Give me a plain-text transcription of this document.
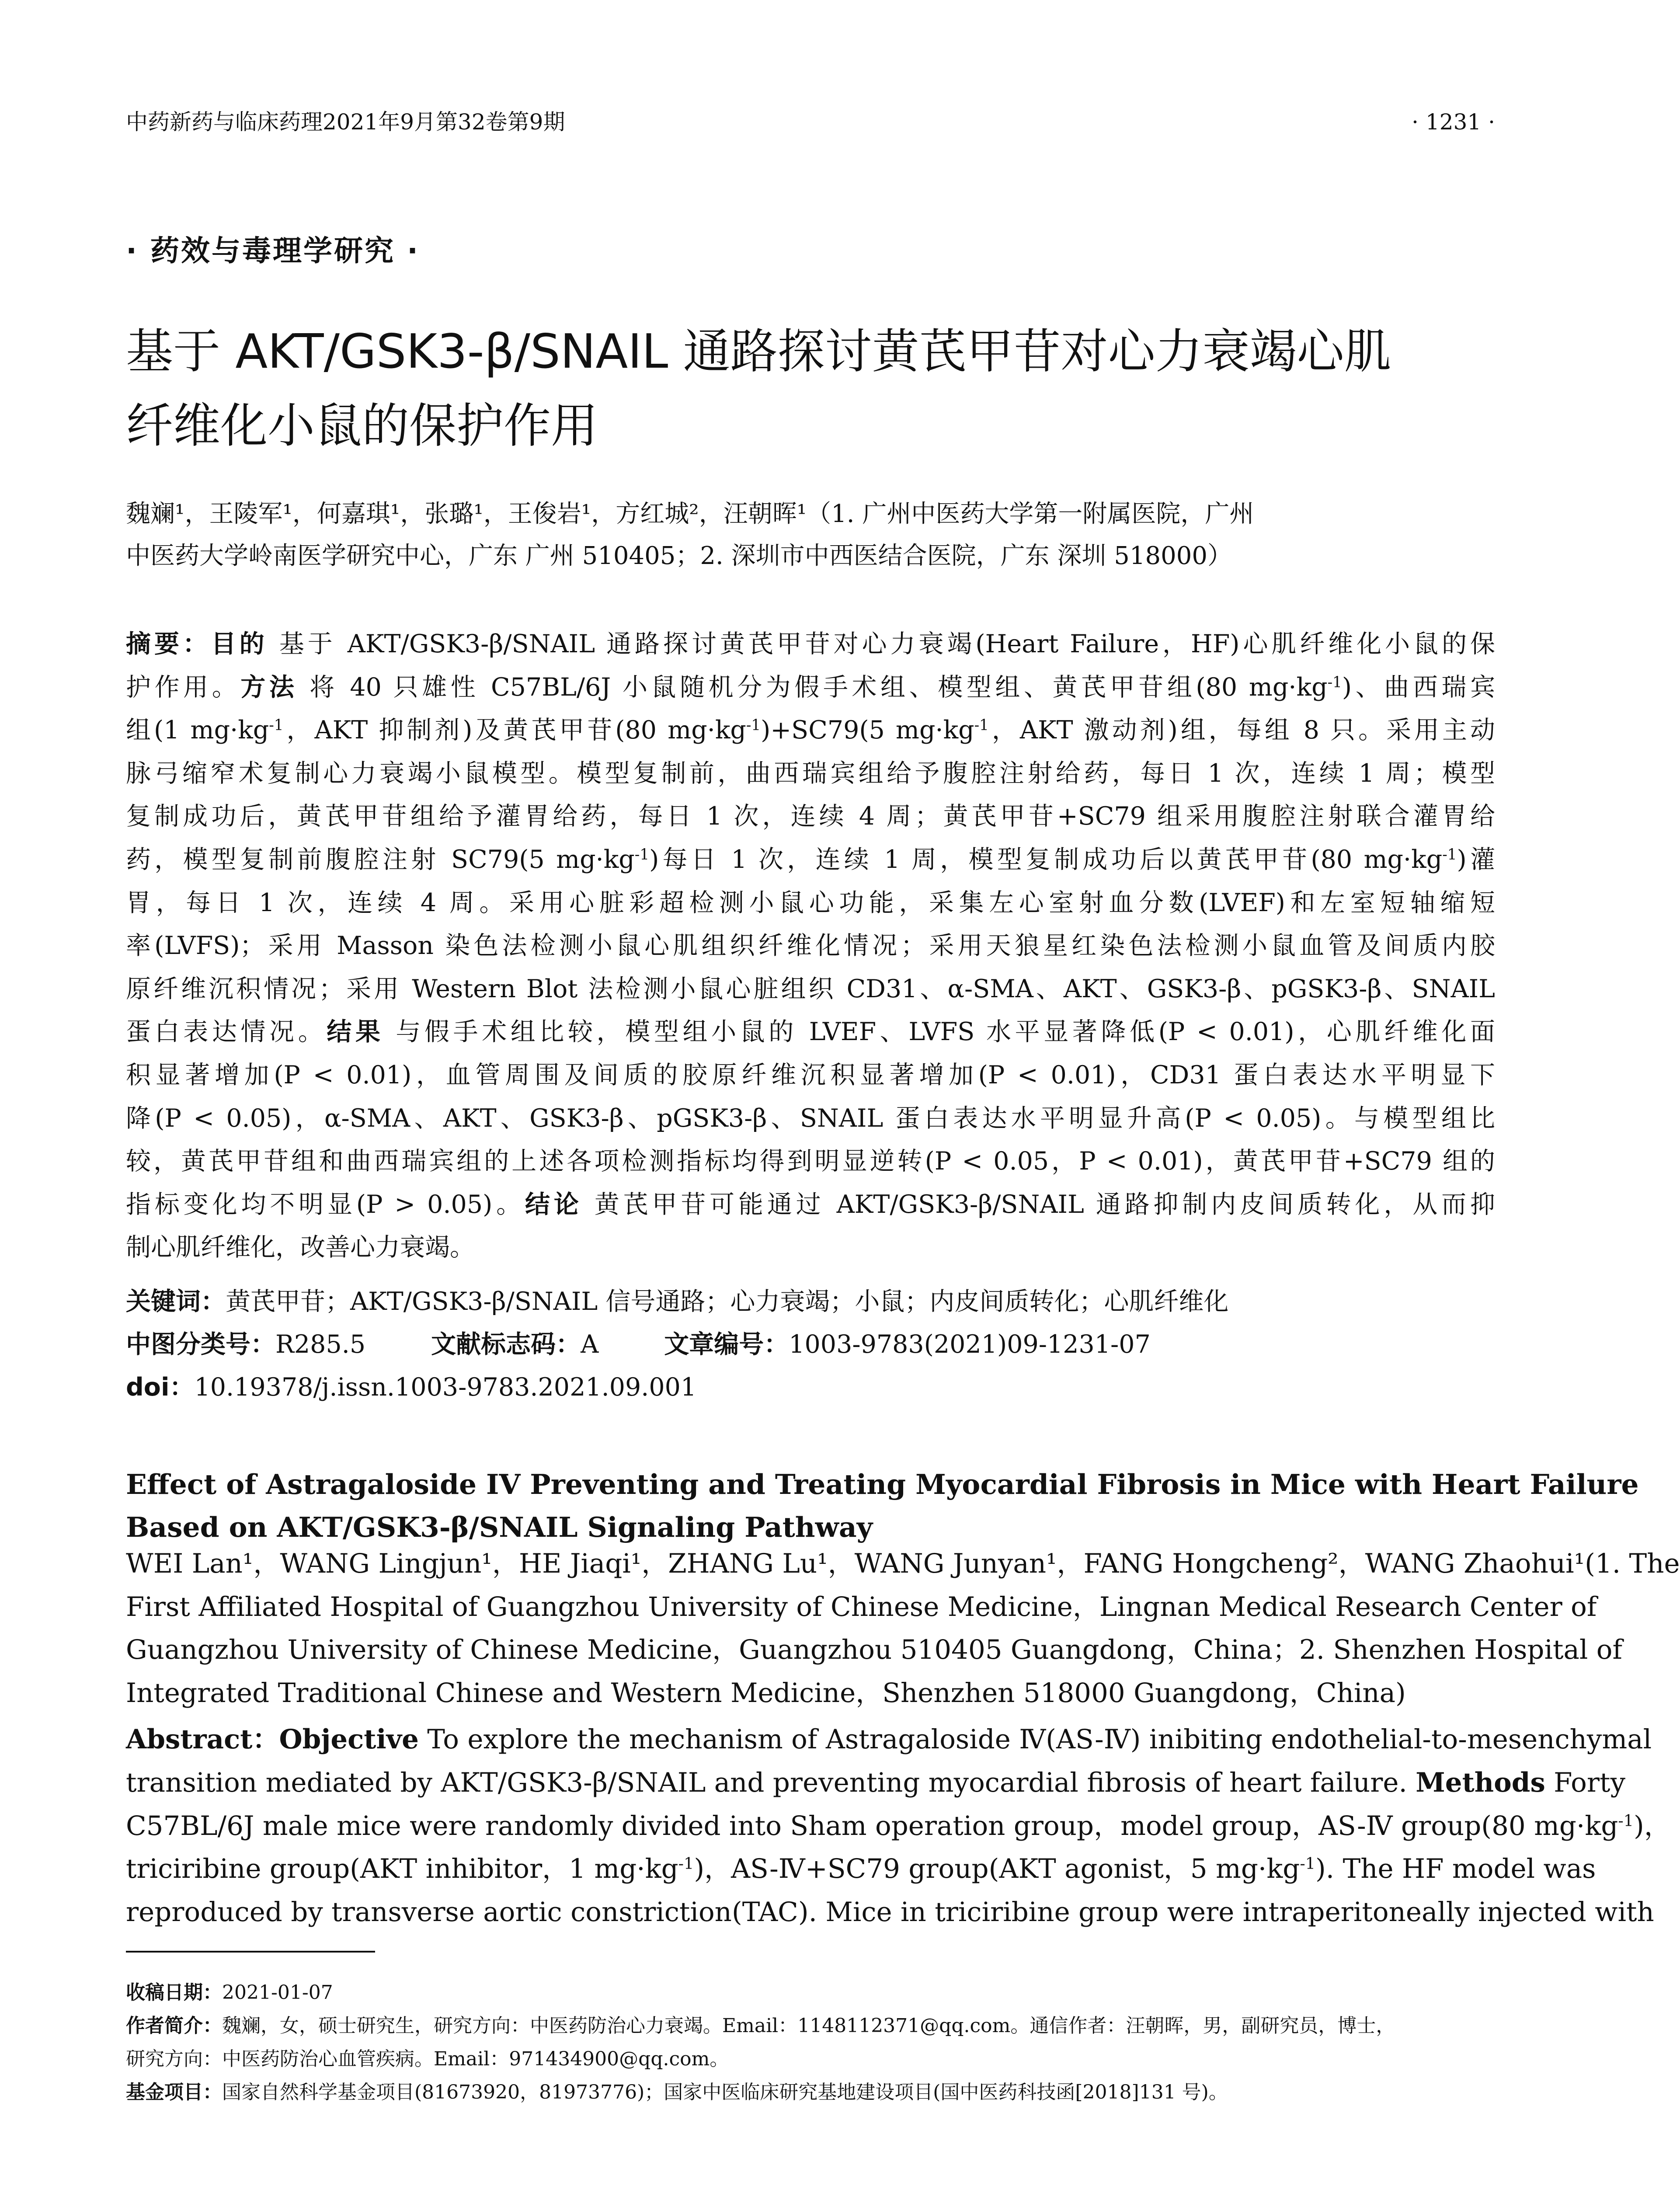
中药新药与临床药理2021年9月第32卷第9期	· 1231 ·
· 药效与毒理学研究 ·
基于 AKT/GSK3-β/SNAIL 通路探讨黄芪甲苷对心力衰竭心肌
纤维化小鼠的保护作用
魏斓¹，王陵军¹，何嘉琪¹，张璐¹，王俊岩¹，方红城²，汪朝晖¹（1. 广州中医药大学第一附属医院，广州
中医药大学岭南医学研究中心，广东 广州 510405；2. 深圳市中西医结合医院，广东 深圳 518000）
摘要：目的 基于 AKT/GSK3-β/SNAIL 通路探讨黄芪甲苷对心力衰竭(Heart Failure，HF)心肌纤维化小鼠的保
护作用。方法 将 40 只雄性 C57BL/6J 小鼠随机分为假手术组、模型组、黄芪甲苷组(80 $mg\cdot kg^{-1}$)、曲西瑞宾
组(1 $mg\cdot kg^{-1}$，AKT 抑制剂)及黄芪甲苷(80 $mg\cdot kg^{-1})+SC79(5$ $mg\cdot kg^{-1}$，AKT 激动剂)组，每组 8 只。采用主动
脉弓缩窄术复制心力衰竭小鼠模型。模型复制前，曲西瑞宾组给予腹腔注射给药，每日 1 次，连续 1 周；模型
复制成功后，黄芪甲苷组给予灌胃给药，每日 1 次，连续 4 周；黄芪甲苷+SC79 组采用腹腔注射联合灌胃给
药，模型复制前腹腔注射 SC79(5 $mg\cdot kg^{-1}$)每日 1 次，连续 1 周，模型复制成功后以黄芪甲苷(80 $mg\cdot kg^{-1}$)灌
胃，每日 1 次，连续 4 周。采用心脏彩超检测小鼠心功能，采集左心室射血分数(LVEF)和左室短轴缩短
率(LVFS)；采用 Masson 染色法检测小鼠心肌组织纤维化情况；采用天狼星红染色法检测小鼠血管及间质内胶
原纤维沉积情况；采用 Western Blot 法检测小鼠心脏组织 CD31、α-SMA、AKT、GSK3-β、pGSK3-β、SNAIL
蛋白表达情况。结果 与假手术组比较，模型组小鼠的 LVEF、LVFS 水平显著降低(P < 0.01)，心肌纤维化面
积显著增加(P < 0.01)，血管周围及间质的胶原纤维沉积显著增加(P < 0.01)，CD31 蛋白表达水平明显下
降(P < 0.05)，α-SMA、AKT、GSK3-β、pGSK3-β、SNAIL 蛋白表达水平明显升高(P < 0.05)。与模型组比
较，黄芪甲苷组和曲西瑞宾组的上述各项检测指标均得到明显逆转(P < 0.05，P < 0.01)，黄芪甲苷+SC79 组的
指标变化均不明显(P > 0.05)。结论 黄芪甲苷可能通过 AKT/GSK3-β/SNAIL 通路抑制内皮间质转化，从而抑
制心肌纤维化，改善心力衰竭。
关键词：黄芪甲苷；AKT/GSK3-β/SNAIL 信号通路；心力衰竭；小鼠；内皮间质转化；心肌纤维化
中图分类号：R285.5	文献标志码：A	文章编号：1003-9783(2021)09-1231-07
doi：10.19378/j.issn.1003-9783.2021.09.001
Effect of Astragaloside IV Preventing and Treating Myocardial Fibrosis in Mice with Heart Failure
Based on AKT/GSK3-β/SNAIL Signaling Pathway
WEI Lan¹，WANG Lingjun¹，HE Jiaqi¹，ZHANG Lu¹，WANG Junyan¹，FANG Hongcheng²，WANG Zhaohui¹(1. The
First Affiliated Hospital of Guangzhou University of Chinese Medicine，Lingnan Medical Research Center of
Guangzhou University of Chinese Medicine，Guangzhou 510405 Guangdong，China；2. Shenzhen Hospital of
Integrated Traditional Chinese and Western Medicine，Shenzhen 518000 Guangdong，China)
Abstract：Objective To explore the mechanism of Astragaloside Ⅳ(AS-Ⅳ) inibiting endothelial-to-mesenchymal
transition mediated by AKT/GSK3-β/SNAIL and preventing myocardial fibrosis of heart failure. Methods Forty
C57BL/6J male mice were randomly divided into Sham operation group，model group，AS-Ⅳ group(80 $mg\cdot kg^{-1}$)，
triciribine group(AKT inhibitor，1 $mg\cdot kg^{-1}$)，AS-Ⅳ+SC79 group(AKT agonist，5 $mg\cdot kg^{-1}$). The HF model was
reproduced by transverse aortic constriction(TAC). Mice in triciribine group were intraperitoneally injected with
收稿日期：2021-01-07
作者简介：魏斓，女，硕士研究生，研究方向：中医药防治心力衰竭。Email：1148112371@qq.com。通信作者：汪朝晖，男，副研究员，博士，
研究方向：中医药防治心血管疾病。Email：971434900@qq.com。
基金项目：国家自然科学基金项目(81673920，81973776)；国家中医临床研究基地建设项目(国中医药科技函[2018]131 号)。
